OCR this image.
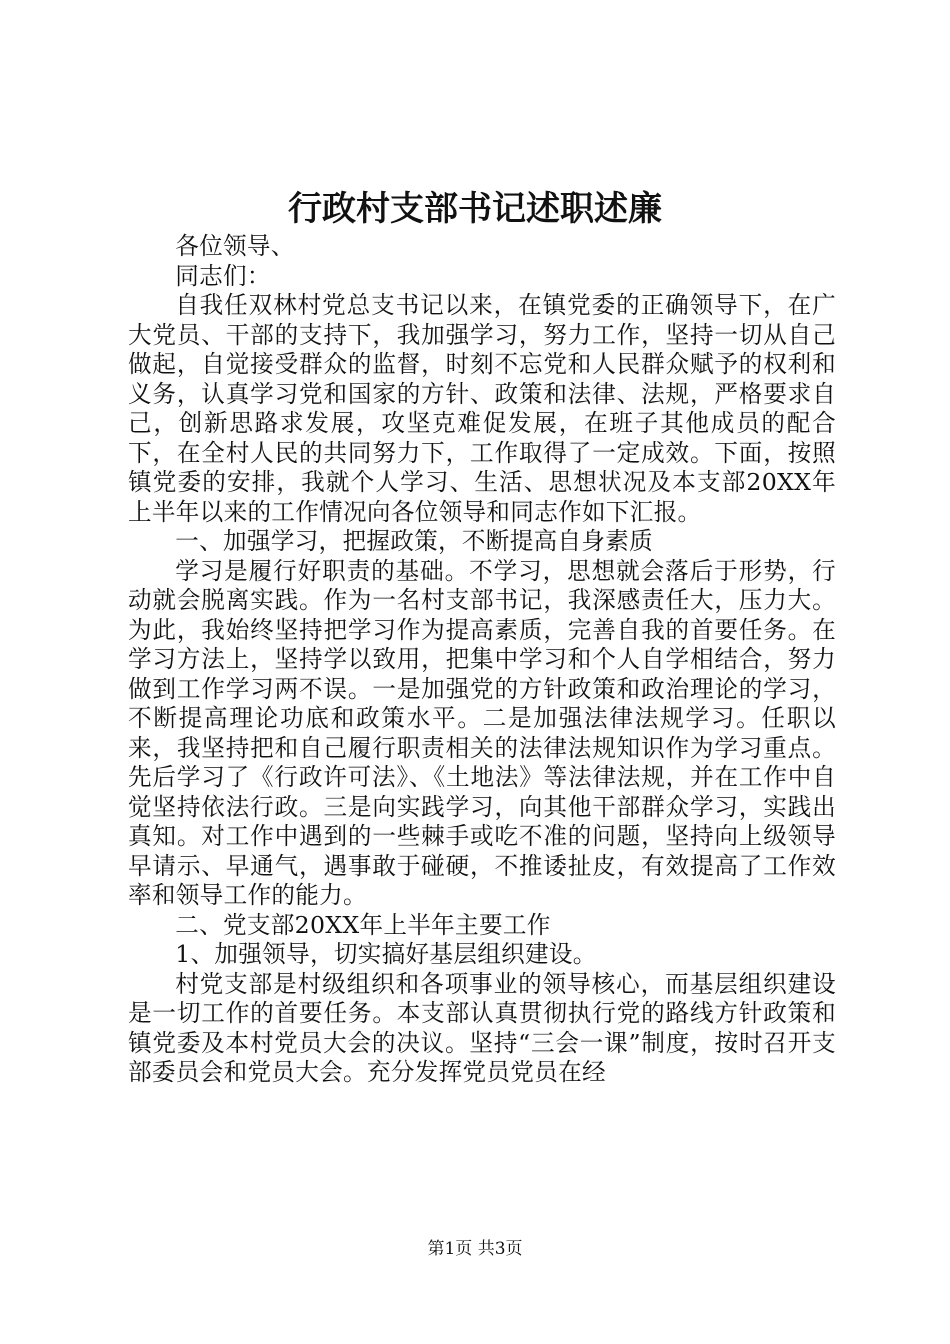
行政村支部书记述职述廉

各位领导、

同志们：

自我任双林村党总支书记以来，在镇党委的正确领导下，在广大党员、干部的支持下，我加强学习，努力工作，坚持一切从自己做起，自觉接受群众的监督，时刻不忘党和人民群众赋予的权利和义务，认真学习党和国家的方针、政策和法律、法规，严格要求自己，创新思路求发展，攻坚克难促发展，在班子其他成员的配合下，在全村人民的共同努力下，工作取得了一定成效。下面，按照镇党委的安排，我就个人学习、生活、思想状况及本支部20XX年上半年以来的工作情况向各位领导和同志作如下汇报。

一、加强学习，把握政策，不断提高自身素质

学习是履行好职责的基础。不学习，思想就会落后于形势，行动就会脱离实践。作为一名村支部书记，我深感责任大，压力大。为此，我始终坚持把学习作为提高素质，完善自我的首要任务。在学习方法上，坚持学以致用，把集中学习和个人自学相结合，努力做到工作学习两不误。一是加强党的方针政策和政治理论的学习，不断提高理论功底和政策水平。二是加强法律法规学习。任职以来，我坚持把和自己履行职责相关的法律法规知识作为学习重点。先后学习了《行政许可法》、《土地法》等法律法规，并在工作中自觉坚持依法行政。三是向实践学习，向其他干部群众学习，实践出真知。对工作中遇到的一些棘手或吃不准的问题，坚持向上级领导早请示、早通气，遇事敢于碰硬，不推诿扯皮，有效提高了工作效率和领导工作的能力。

二、党支部20XX年上半年主要工作

1、加强领导，切实搞好基层组织建设。

村党支部是村级组织和各项事业的领导核心，而基层组织建设是一切工作的首要任务。本支部认真贯彻执行党的路线方针政策和镇党委及本村党员大会的决议。坚持“三会一课”制度，按时召开支部委员会和党员大会。充分发挥党员党员在经

第1页 共3页
